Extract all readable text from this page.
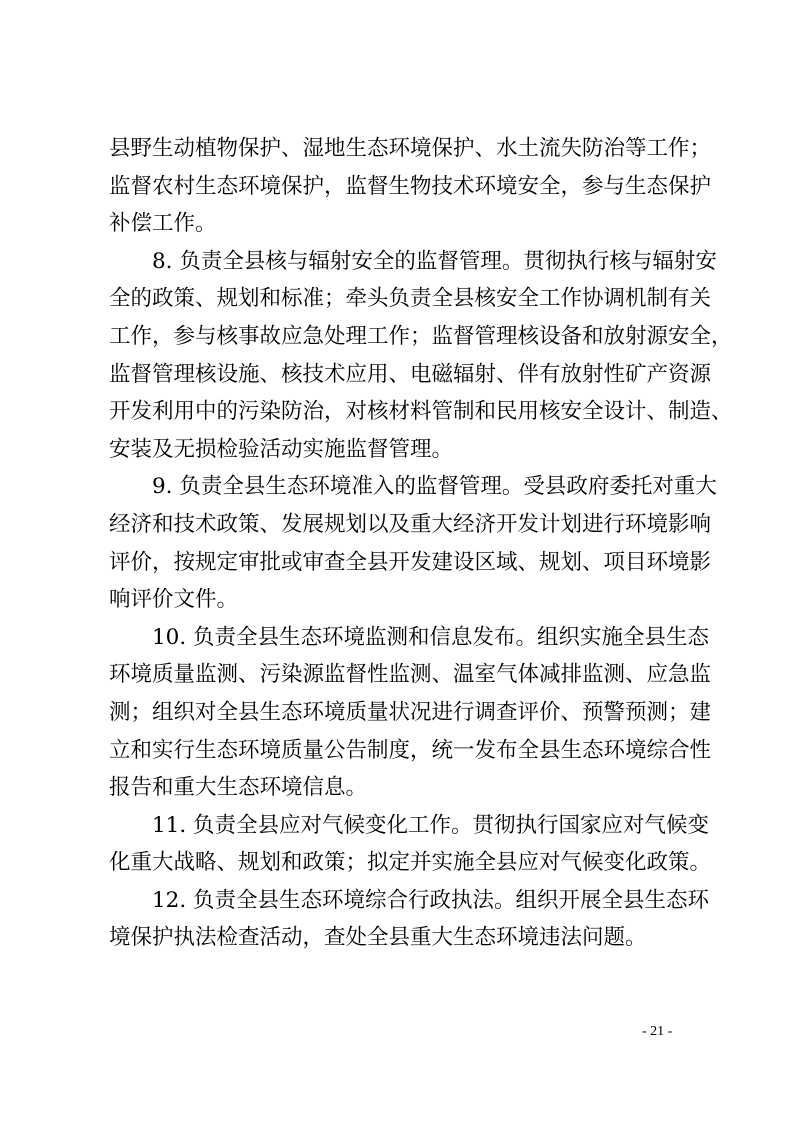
县野生动植物保护、湿地生态环境保护、水土流失防治等工作；
监督农村生态环境保护，监督生物技术环境安全，参与生态保护
补偿工作。

8. 负责全县核与辐射安全的监督管理。贯彻执行核与辐射安
全的政策、规划和标准；牵头负责全县核安全工作协调机制有关
工作，参与核事故应急处理工作；监督管理核设备和放射源安全，
监督管理核设施、核技术应用、电磁辐射、伴有放射性矿产资源
开发利用中的污染防治，对核材料管制和民用核安全设计、制造、
安装及无损检验活动实施监督管理。

9. 负责全县生态环境准入的监督管理。受县政府委托对重大
经济和技术政策、发展规划以及重大经济开发计划进行环境影响
评价，按规定审批或审查全县开发建设区域、规划、项目环境影
响评价文件。

10. 负责全县生态环境监测和信息发布。组织实施全县生态
环境质量监测、污染源监督性监测、温室气体减排监测、应急监
测；组织对全县生态环境质量状况进行调查评价、预警预测；建
立和实行生态环境质量公告制度，统一发布全县生态环境综合性
报告和重大生态环境信息。

11. 负责全县应对气候变化工作。贯彻执行国家应对气候变
化重大战略、规划和政策；拟定并实施全县应对气候变化政策。

12. 负责全县生态环境综合行政执法。组织开展全县生态环
境保护执法检查活动，查处全县重大生态环境违法问题。

- 21 -
